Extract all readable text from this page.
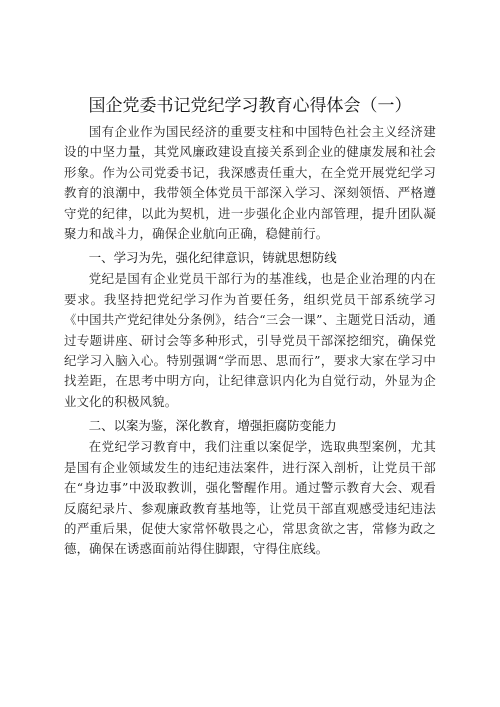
国企党委书记党纪学习教育心得体会（一）

国有企业作为国民经济的重要支柱和中国特色社会主义经济建设的中坚力量，其党风廉政建设直接关系到企业的健康发展和社会形象。作为公司党委书记，我深感责任重大，在全党开展党纪学习教育的浪潮中，我带领全体党员干部深入学习、深刻领悟、严格遵守党的纪律，以此为契机，进一步强化企业内部管理，提升团队凝聚力和战斗力，确保企业航向正确，稳健前行。

一、学习为先，强化纪律意识，铸就思想防线

党纪是国有企业党员干部行为的基准线，也是企业治理的内在要求。我坚持把党纪学习作为首要任务，组织党员干部系统学习《中国共产党纪律处分条例》，结合“三会一课”、主题党日活动，通过专题讲座、研讨会等多种形式，引导党员干部深挖细究，确保党纪学习入脑入心。特别强调“学而思、思而行”，要求大家在学习中找差距，在思考中明方向，让纪律意识内化为自觉行动，外显为企业文化的积极风貌。

二、以案为鉴，深化教育，增强拒腐防变能力

在党纪学习教育中，我们注重以案促学，选取典型案例，尤其是国有企业领域发生的违纪违法案件，进行深入剖析，让党员干部在“身边事”中汲取教训，强化警醒作用。通过警示教育大会、观看反腐纪录片、参观廉政教育基地等，让党员干部直观感受违纪违法的严重后果，促使大家常怀敬畏之心，常思贪欲之害，常修为政之德，确保在诱惑面前站得住脚跟，守得住底线。
